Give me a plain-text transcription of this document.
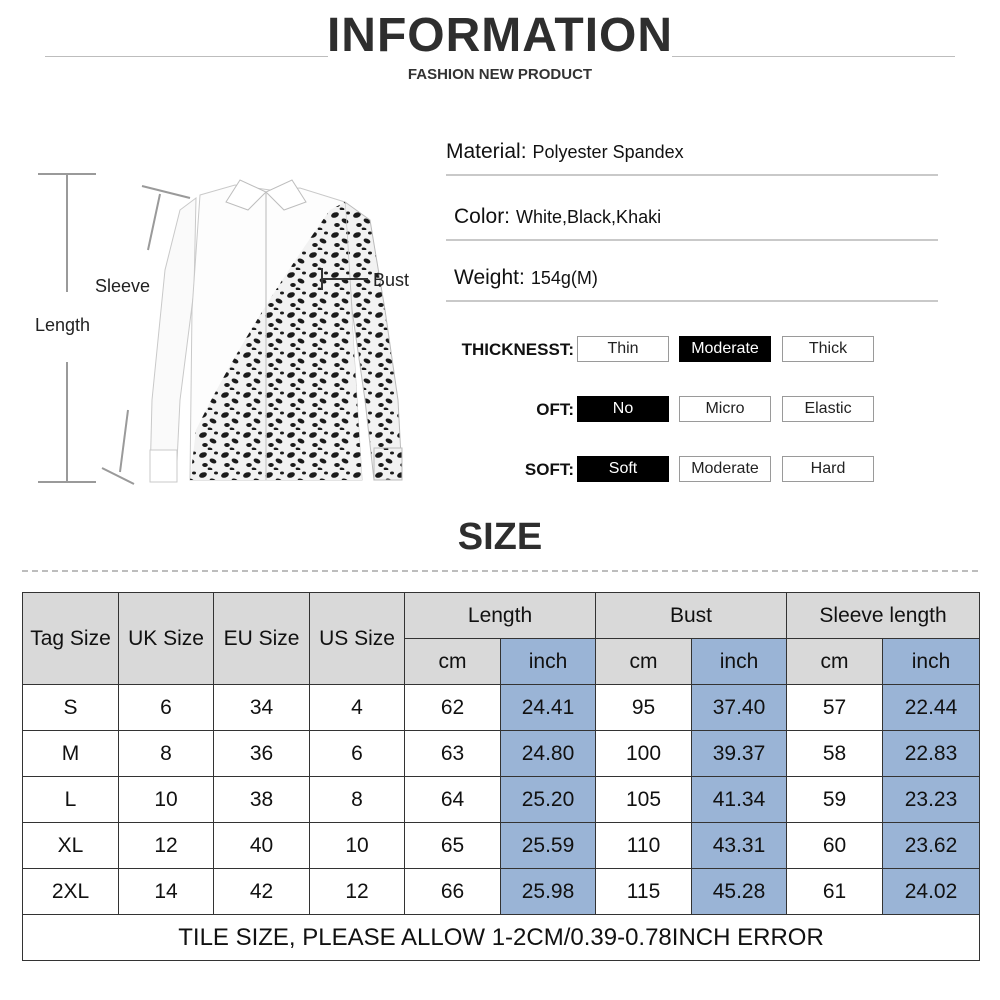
INFORMATION
FASHION NEW PRODUCT
Sleeve	Bust
Length
Material: Polyester Spandex
Color: White,Black,Khaki
Weight: 154g(M)
THICKNESST:	Thin	Moderate	Thick
OFT:	No	Micro	Elastic
SOFT:	Soft	Moderate	Hard
SIZE
Tag Size	UK Size	EU Size	US Size	Length		Bust		Sleeve length	
				cm	inch	cm	inch	cm	inch
S	6	34	4	62	24.41	95	37.40	57	22.44
M	8	36	6	63	24.80	100	39.37	58	22.83
L	10	38	8	64	25.20	105	41.34	59	23.23
XL	12	40	10	65	25.59	110	43.31	60	23.62
2XL	14	42	12	66	25.98	115	45.28	61	24.02
TILE SIZE, PLEASE ALLOW 1-2CM/0.39-0.78INCH ERROR									
